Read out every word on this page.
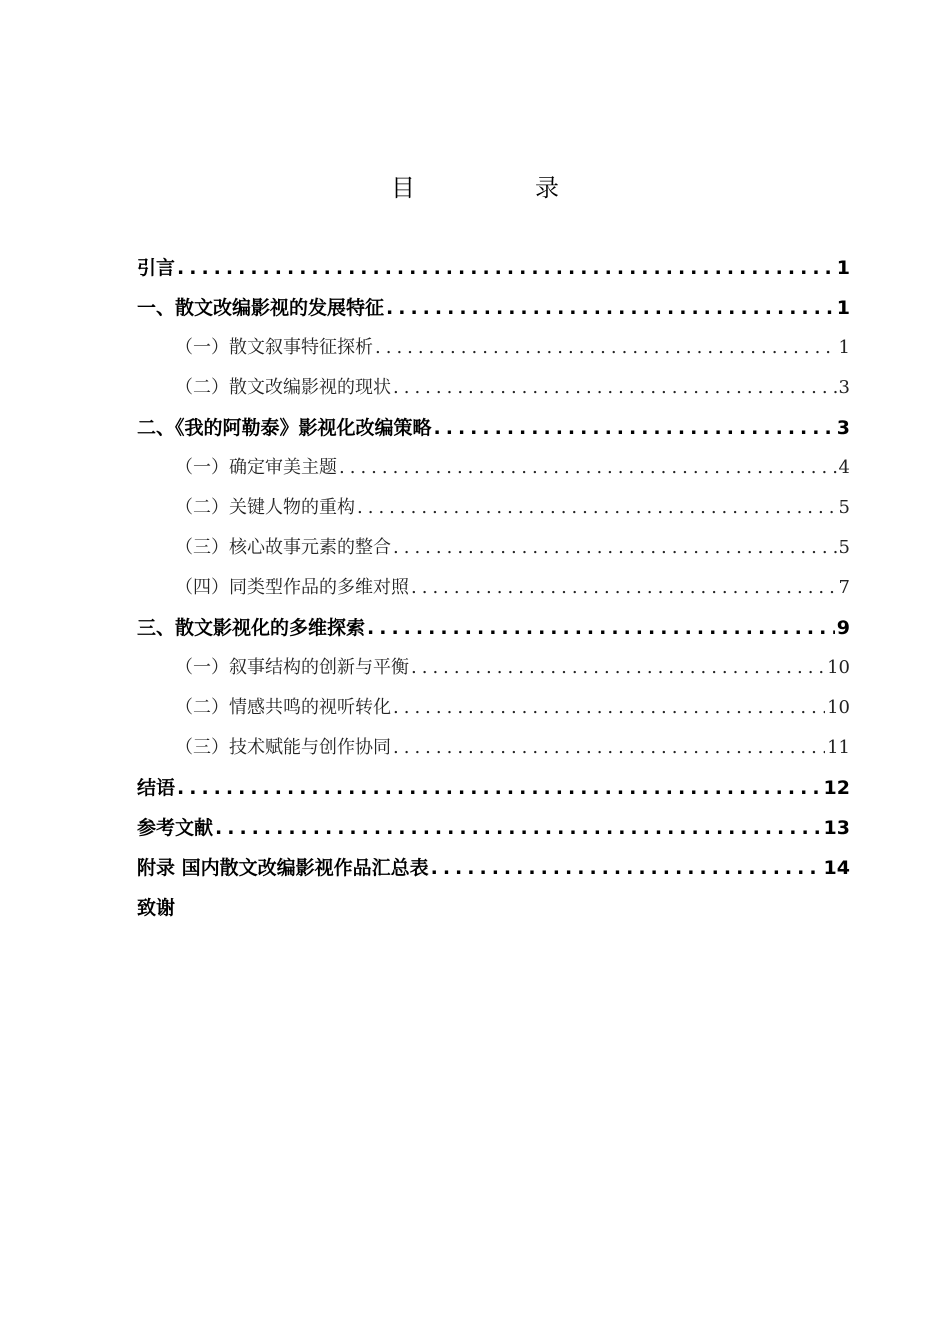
目　录
引言 .....	1
一、散文改编影视的发展特征 .....	1
（一）散文叙事特征探析 .....	1
（二）散文改编影视的现状 .....	3
二、《我的阿勒泰》影视化改编策略 .....	3
（一）确定审美主题 .....	4
（二）关键人物的重构 .....	5
（三）核心故事元素的整合 .....	5
（四）同类型作品的多维对照 .....	7
三、散文影视化的多维探索 .....	9
（一）叙事结构的创新与平衡 .....	10
（二）情感共鸣的视听转化 .....	10
（三）技术赋能与创作协同 .....	11
结语 .....	12
参考文献 .....	13
附录 国内散文改编影视作品汇总表 .....	14
致谢
